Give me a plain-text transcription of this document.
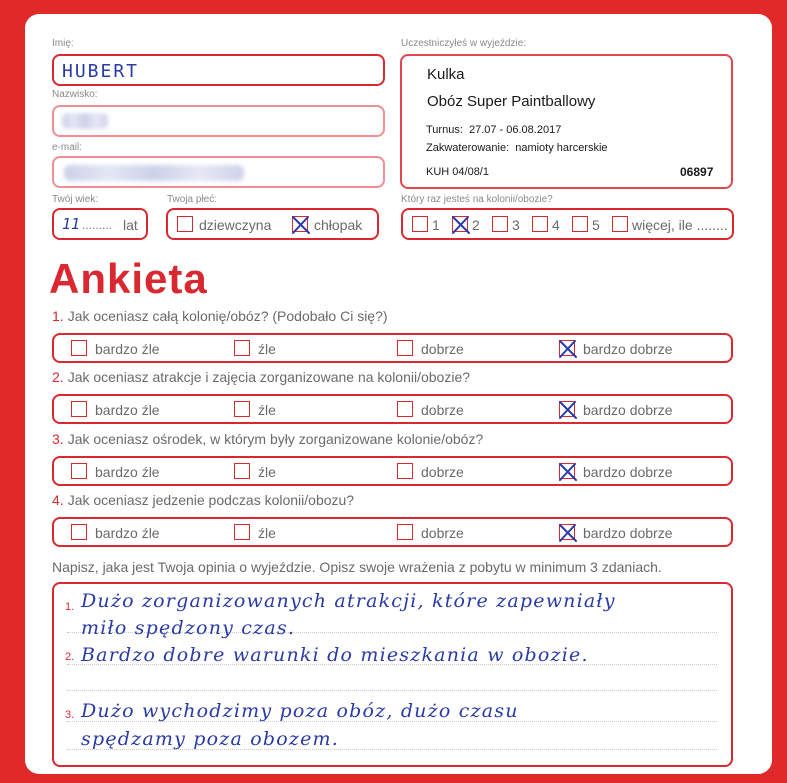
Imię:
HUBERT
Nazwisko:
e-mail:
Twój wiek:
11 ......... lat
Twoja płeć:
dziewczyna	chłopak
Uczestniczyłeś w wyjeździe:
Kulka
Obóz Super Paintballowy
Turnus: 27.07 - 06.08.2017
Zakwaterowanie: namioty harcerskie
KUH 04/08/1	06897
Który raz jesteś na kolonii/obozie?
1 2 3 4 5 więcej, ile ........
Ankieta
1. Jak oceniasz całą kolonię/obóz? (Podobało Ci się?)
bardzo źle	źle	dobrze	bardzo dobrze
2. Jak oceniasz atrakcje i zajęcia zorganizowane na kolonii/obozie?
bardzo źle	źle	dobrze	bardzo dobrze
3. Jak oceniasz ośrodek, w którym były zorganizowane kolonie/obóz?
bardzo źle	źle	dobrze	bardzo dobrze
4. Jak oceniasz jedzenie podczas kolonii/obozu?
bardzo źle	źle	dobrze	bardzo dobrze
Napisz, jaka jest Twoja opinia o wyjeździe. Opisz swoje wrażenia z pobytu w minimum 3 zdaniach.
1.
2.
3.
Dużo zorganizowanych atrakcji, które zapewniały
miło spędzony czas.
Bardzo dobre warunki do mieszkania w obozie.
Dużo wychodzimy poza obóz, dużo czasu
spędzamy poza obozem.
